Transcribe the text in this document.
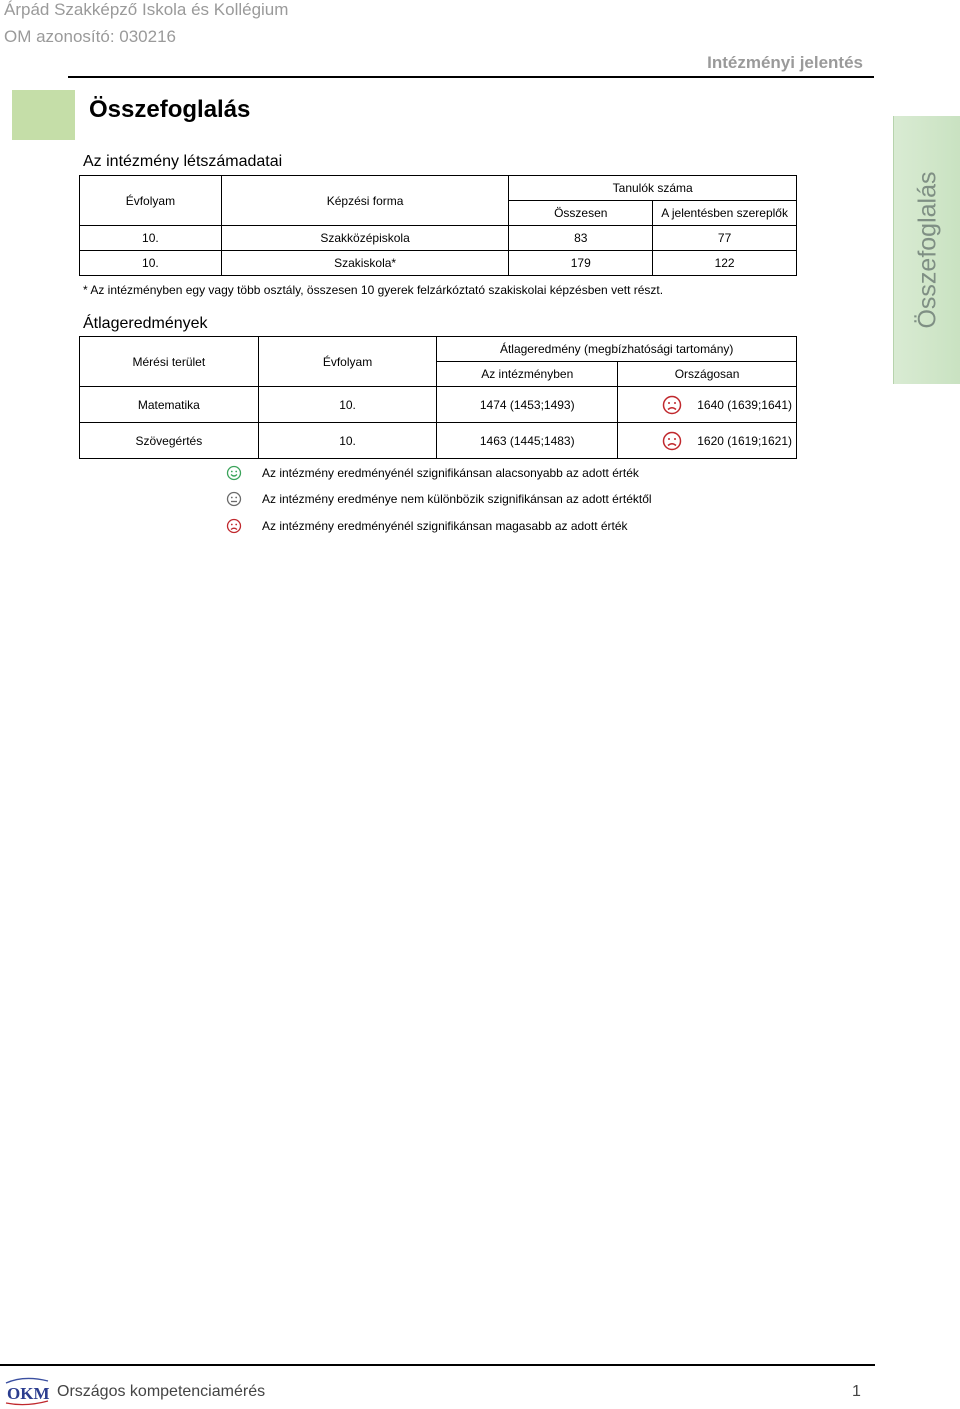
Árpád Szakképző Iskola és Kollégium
OM azonosító: 030216
Intézményi jelentés
Összefoglalás
Összefoglalás
Az intézmény létszámadatai
Évfolyam	Képzési forma	Tanulók száma	
		Összesen	A jelentésben szereplők
10.	Szakközépiskola	83	77
10.	Szakiskola*	179	122
* Az intézményben egy vagy több osztály, összesen 10 gyerek felzárkóztató szakiskolai képzésben vett részt.
Átlageredmények
Mérési terület	Évfolyam	Átlageredmény (megbízhatósági tartomány)	
		Az intézményben	Országosan
Matematika	10.	1474 (1453;1493)	1640 (1639;1641)

Szövegértés	10.	1463 (1445;1483)	1620 (1619;1621)
Az intézmény eredményénél szignifikánsan alacsonyabb az adott érték
Az intézmény eredménye nem különbözik szignifikánsan az adott értéktől
Az intézmény eredményénél szignifikánsan magasabb az adott érték
OKM Országos kompetenciamérés	1
